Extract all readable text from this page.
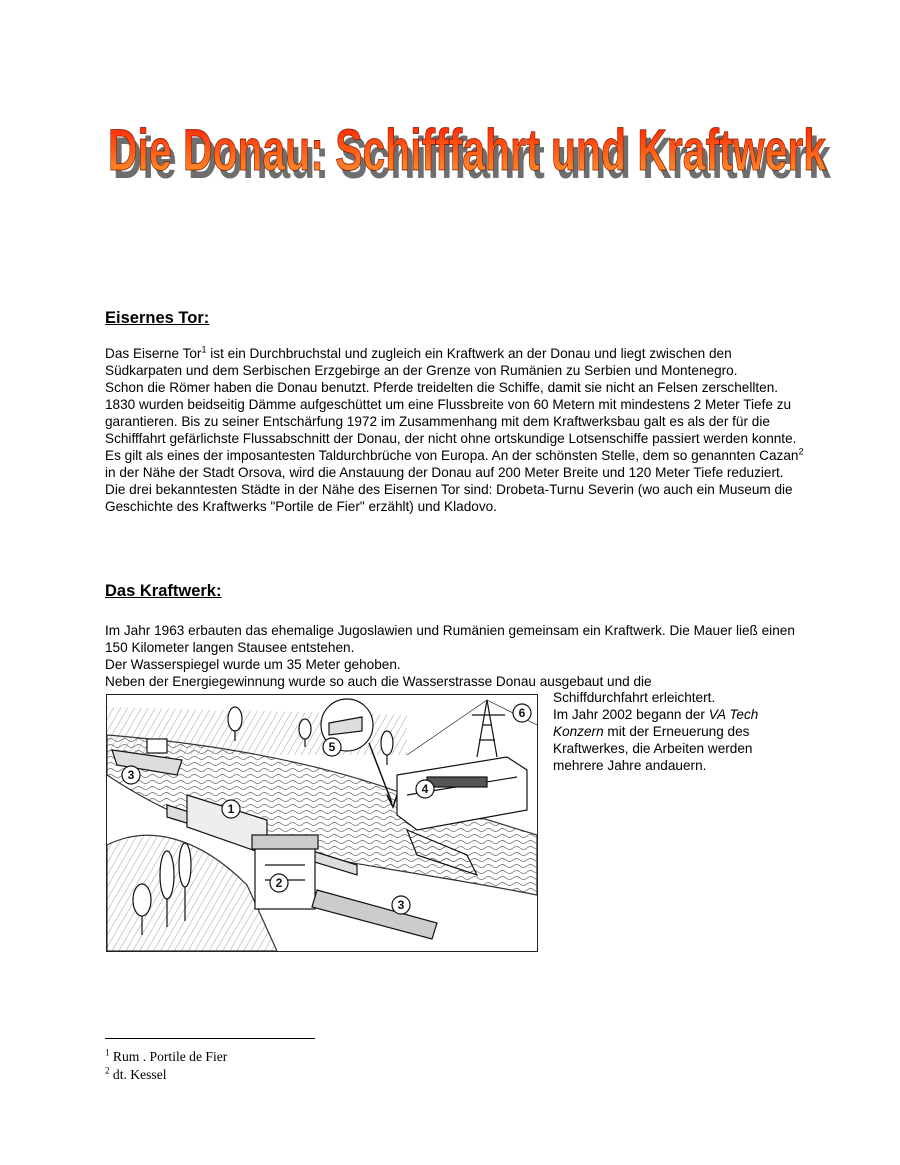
Die Donau: Schifffahrt und Kraftwerk
Die Donau: Schifffahrt und Kraftwerk
Eisernes Tor:

Das Eiserne Tor$^1$ ist ein Durchbruchstal und zugleich ein Kraftwerk an der Donau und liegt zwischen den Südkarpaten und dem Serbischen Erzgebirge an der Grenze von Rumänien zu Serbien und Montenegro.

Schon die Römer haben die Donau benutzt. Pferde treidelten die Schiffe, damit sie nicht an Felsen zerschellten.

1830 wurden beidseitig Dämme aufgeschüttet um eine Flussbreite von 60 Metern mit mindestens 2 Meter Tiefe zu garantieren. Bis zu seiner Entschärfung 1972 im Zusammenhang mit dem Kraftwerksbau galt es als der für die Schifffahrt gefärlichste Flussabschnitt der Donau, der nicht ohne ortskundige Lotsenschiffe passiert werden konnte.

Es gilt als eines der imposantesten Taldurchbrüche von Europa. An der schönsten Stelle, dem so genannten Cazan$^2$ in der Nähe der Stadt Orsova, wird die Anstauung der Donau auf 200 Meter Breite und 120 Meter Tiefe reduziert.

Die drei bekanntesten Städte in der Nähe des Eisernen Tor sind: Drobeta-Turnu Severin (wo auch ein Museum die Geschichte des Kraftwerks "Portile de Fier" erzählt) und Kladovo.

Das Kraftwerk:

Im Jahr 1963 erbauten das ehemalige Jugoslawien und Rumänien gemeinsam ein Kraftwerk. Die Mauer ließ einen 150 Kilometer langen Stausee entstehen.

Der Wasserspiegel wurde um 35 Meter gehoben.

Neben der Energiegewinnung wurde so auch die Wasserstrasse Donau ausgebaut und die

1
2
3
3
4
5
6

Schiffdurchfahrt erleichtert.

Im Jahr 2002 begann der VA Tech Konzern mit der Erneuerung des Kraftwerkes, die Arbeiten werden mehrere Jahre andauern.

$^1$ Rum . Portile de Fier
$^2$ dt. Kessel
